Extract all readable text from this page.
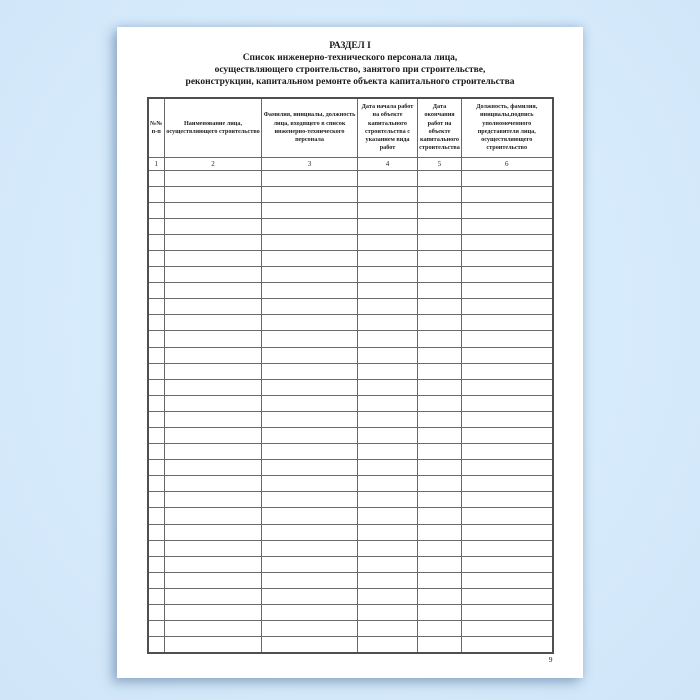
РАЗДЕЛ I
Список инженерно-технического персонала лица,
осуществляющего строительство, занятого при строительстве,
реконструкции, капитальном ремонте объекта капитального строительства
№№ п-п	Наименование лица, осуществляющего строительство	Фамилия, инициалы, должность лица, входящего в список инженерно-технического персонала	Дата начала работ на объекте капитального строительства с указанием вида работ	Дата окончания работ на объекте капитального строительства	Должность, фамилия, инициалы,подпись уполномоченного представителя лица, осуществляющего строительство
1	2	3	4	5	6

9
